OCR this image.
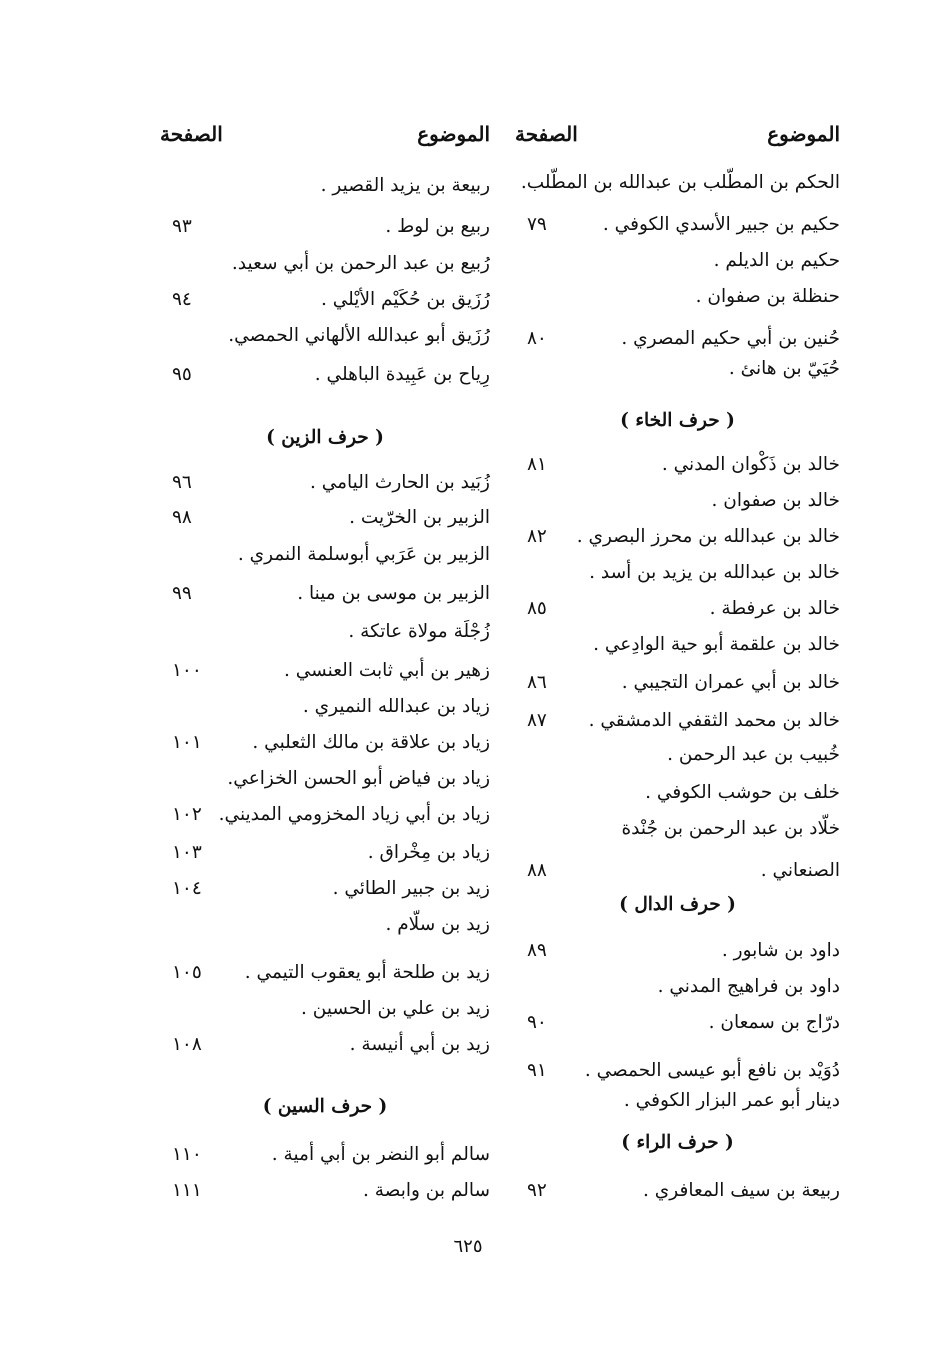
الموضوع
الصفحة
الحكم بن المطّلب بن عبدالله بن المطّلب.
حكيم بن جبير الأسدي الكوفي .
٧٩
حكيم بن الديلم .
حنظلة بن صفوان .
حُنين بن أبي حكيم المصري .
٨٠
حُيَيّ بن هانئ .
( حرف الخاء )
خالد بن ذَكْوان المدني .
٨١
خالد بن صفوان .
خالد بن عبدالله بن محرز البصري .
٨٢
خالد بن عبدالله بن يزيد بن أسد .
خالد بن عرفطة .
٨٥
خالد بن علقمة أبو حية الوادِعي .
خالد بن أبي عمران التجيبي .
٨٦
خالد بن محمد الثقفي الدمشقي .
٨٧
خُبيب بن عبد الرحمن .
خلف بن حوشب الكوفي .
خلّاد بن عبد الرحمن بن جُنْدة
الصنعاني .
٨٨
( حرف الدال )
داود بن شابور .
٨٩
داود بن فراهيج المدني .
درّاج بن سمعان .
٩٠
دُوَيْد بن نافع أبو عيسى الحمصي .
٩١
دينار أبو عمر البزار الكوفي .
( حرف الراء )
ربيعة بن سيف المعافري .
٩٢
الموضوع
الصفحة
ربيعة بن يزيد القصير .
ربيع بن لوط .
٩٣
رُبيع بن عبد الرحمن بن أبي سعيد.
رُزَيق بن حُكَيْم الأيْلي .
٩٤
رُزَيق أبو عبدالله الألهاني الحمصي.
رِياح بن عَبِيدة الباهلي .
٩٥
( حرف الزين )
زُبَيد بن الحارث اليامي .
٩٦
الزبير بن الخرّيت .
٩٨
الزبير بن عَرَبي أبوسلمة النمري .
الزبير بن موسى بن مينا .
٩٩
زُجْلَة مولاة عاتكة .
زهير بن أبي ثابت العنسي .
١٠٠
زياد بن عبدالله النميري .
زياد بن علاقة بن مالك الثعلبي .
١٠١
زياد بن فياض أبو الحسن الخزاعي.
زياد بن أبي زياد المخزومي المديني.
١٠٢
زياد بن مِخْراق .
١٠٣
زيد بن جبير الطائي .
١٠٤
زيد بن سلّام .
زيد بن طلحة أبو يعقوب التيمي .
١٠٥
زيد بن علي بن الحسين .
زيد بن أبي أنيسة .
١٠٨
( حرف السين )
سالم أبو النضر بن أبي أمية .
١١٠
سالم بن وابصة .
١١١
٦٢٥
